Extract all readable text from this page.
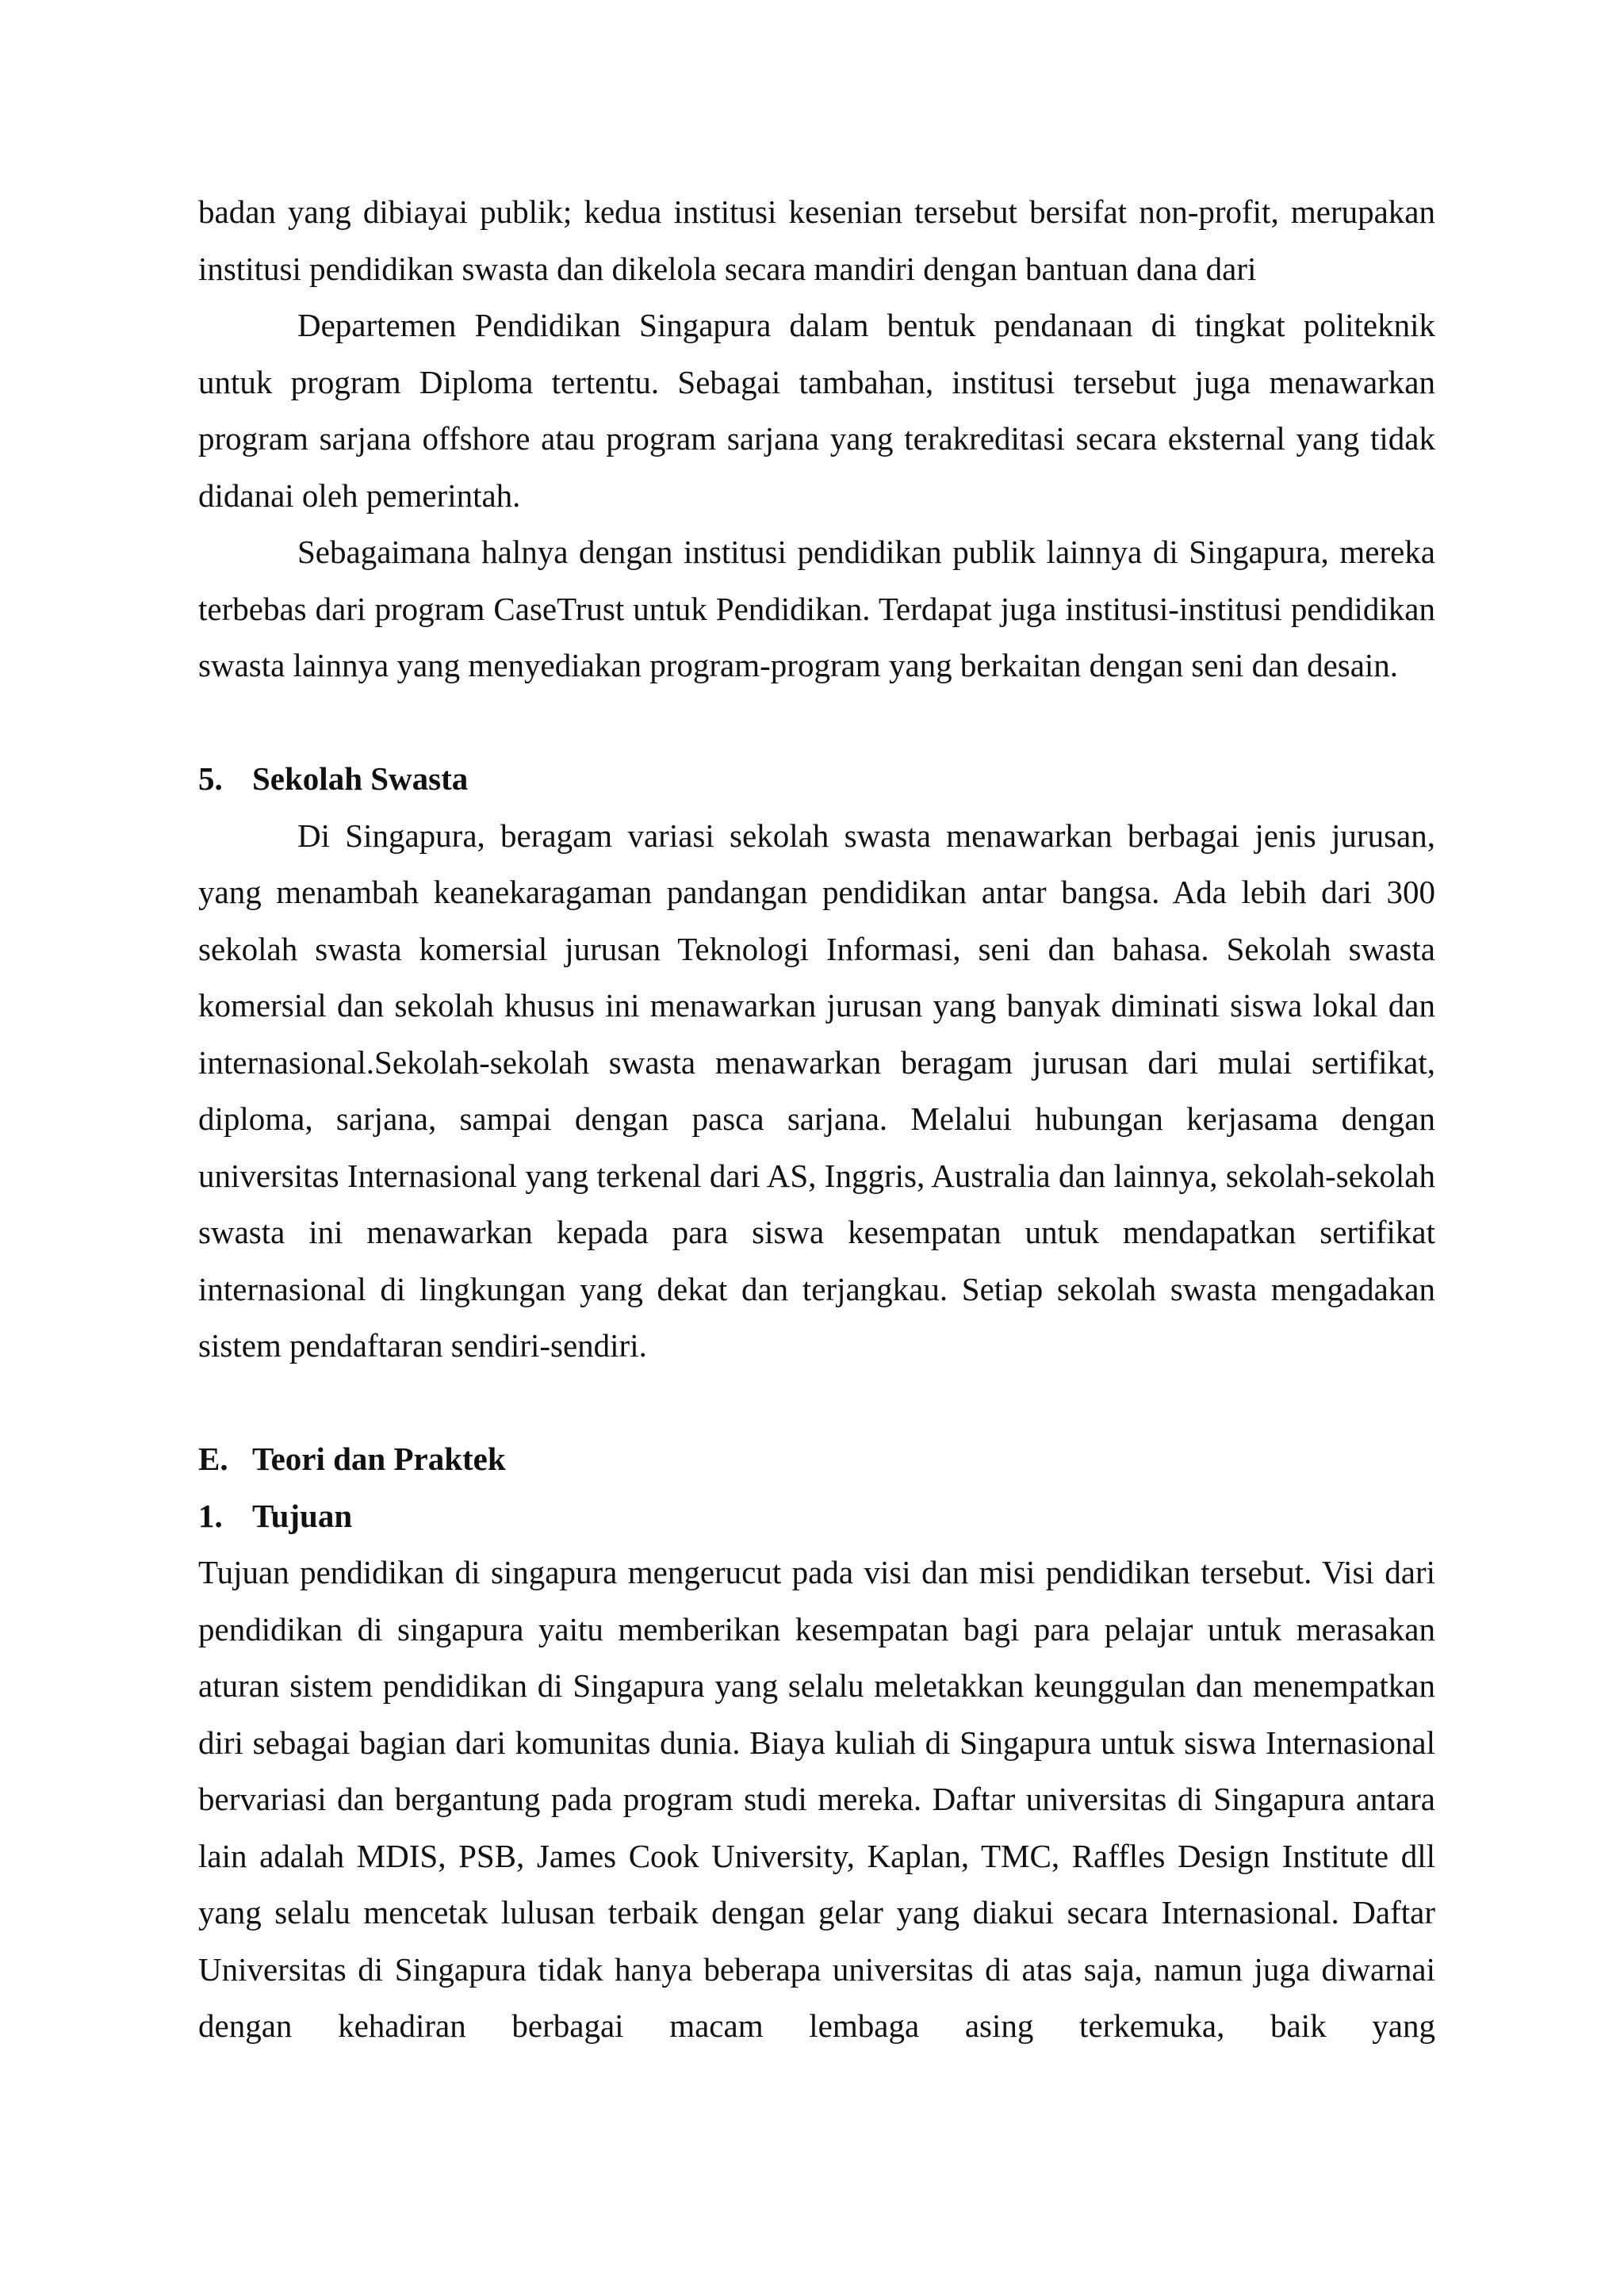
badan yang dibiayai publik; kedua institusi kesenian tersebut bersifat non-profit, merupakan institusi pendidikan swasta dan dikelola secara mandiri dengan bantuan dana dari

Departemen Pendidikan Singapura dalam bentuk pendanaan di tingkat politeknik untuk program Diploma tertentu. Sebagai tambahan, institusi tersebut juga menawarkan program sarjana offshore atau program sarjana yang terakreditasi secara eksternal yang tidak didanai oleh pemerintah.

Sebagaimana halnya dengan institusi pendidikan publik lainnya di Singapura, mereka terbebas dari program CaseTrust untuk Pendidikan. Terdapat juga institusi-institusi pendidikan swasta lainnya yang menyediakan program-program yang berkaitan dengan seni dan desain.

5. Sekolah Swasta

Di Singapura, beragam variasi sekolah swasta menawarkan berbagai jenis jurusan, yang menambah keanekaragaman pandangan pendidikan antar bangsa. Ada lebih dari 300 sekolah swasta komersial jurusan Teknologi Informasi, seni dan bahasa. Sekolah swasta komersial dan sekolah khusus ini menawarkan jurusan yang banyak diminati siswa lokal dan internasional.Sekolah-sekolah swasta menawarkan beragam jurusan dari mulai sertifikat, diploma, sarjana, sampai dengan pasca sarjana. Melalui hubungan kerjasama dengan universitas Internasional yang terkenal dari AS, Inggris, Australia dan lainnya, sekolah-sekolah swasta ini menawarkan kepada para siswa kesempatan untuk mendapatkan sertifikat internasional di lingkungan yang dekat dan terjangkau. Setiap sekolah swasta mengadakan sistem pendaftaran sendiri-sendiri.

E. Teori dan Praktek

1. Tujuan

Tujuan pendidikan di singapura mengerucut pada visi dan misi pendidikan tersebut. Visi dari pendidikan di singapura yaitu memberikan kesempatan bagi para pelajar untuk merasakan aturan sistem pendidikan di Singapura yang selalu meletakkan keunggulan dan menempatkan diri sebagai bagian dari komunitas dunia. Biaya kuliah di Singapura untuk siswa Internasional bervariasi dan bergantung pada program studi mereka. Daftar universitas di Singapura antara lain adalah MDIS, PSB, James Cook University, Kaplan, TMC, Raffles Design Institute dll yang selalu mencetak lulusan terbaik dengan gelar yang diakui secara Internasional. Daftar Universitas di Singapura tidak hanya beberapa universitas di atas saja, namun juga diwarnai dengan kehadiran berbagai macam lembaga asing terkemuka, baik yang
